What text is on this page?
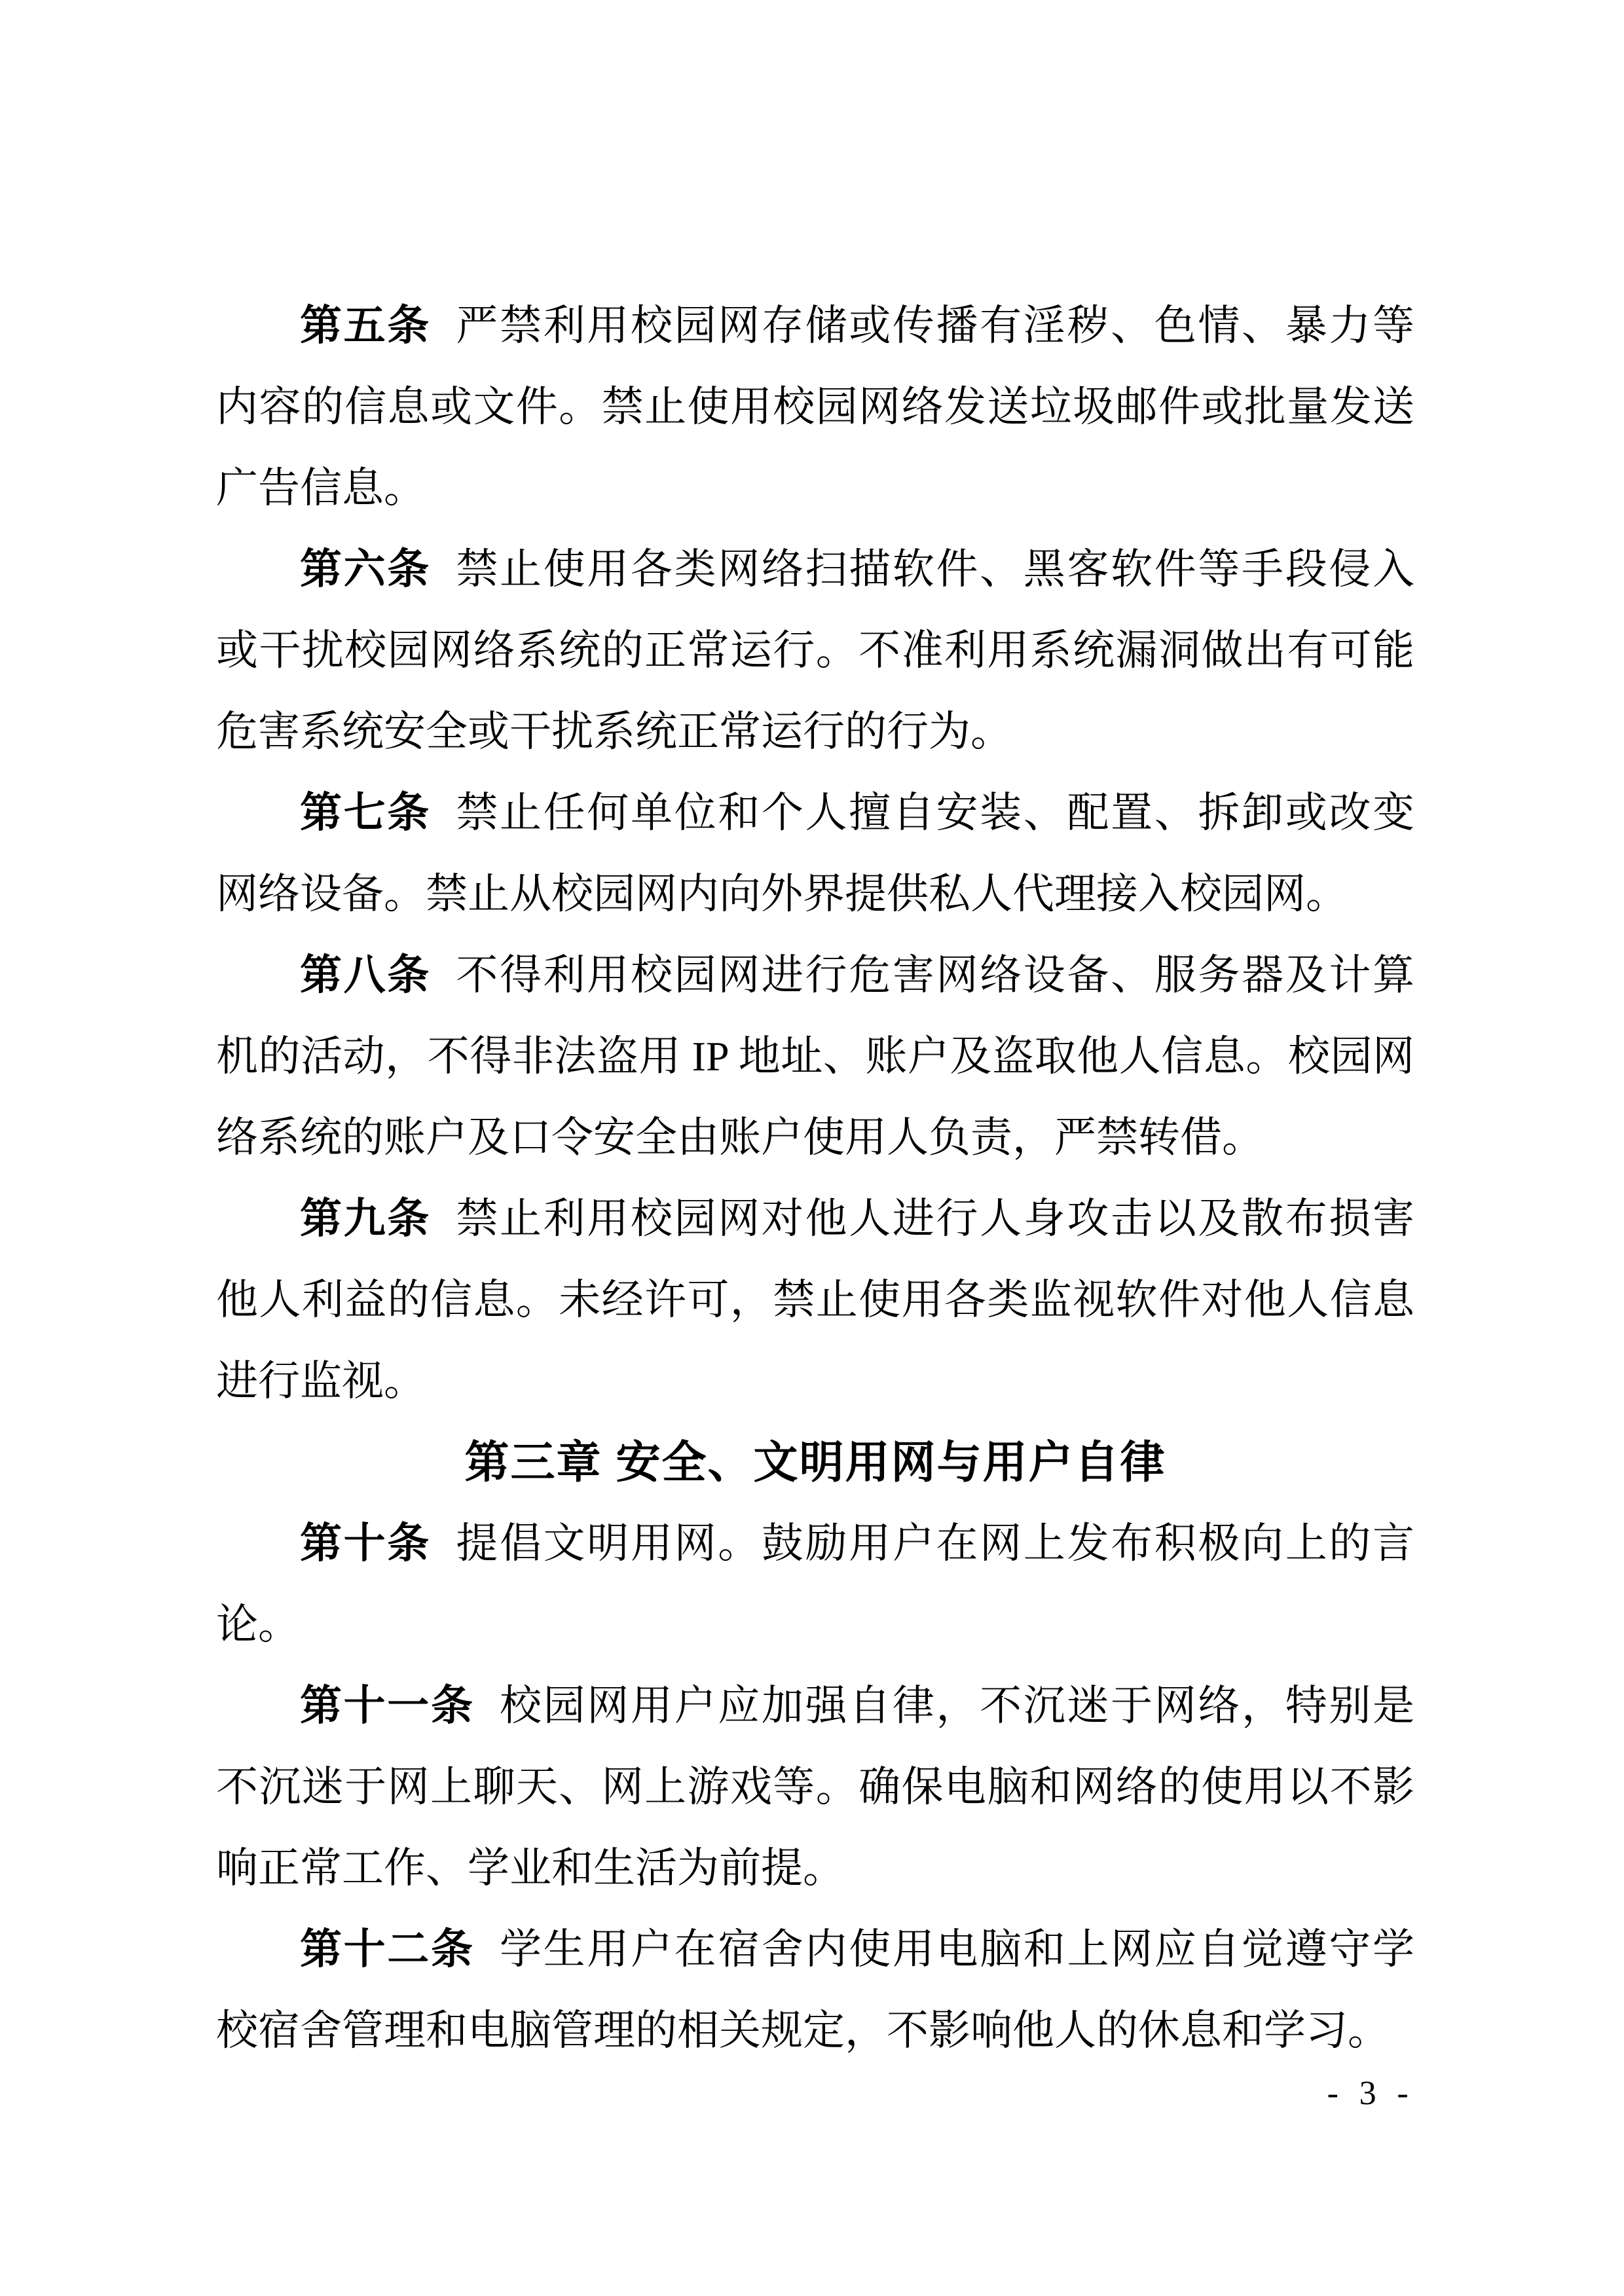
第五条 严禁利用校园网存储或传播有淫秽、色情、暴力等内容的信息或文件。禁止使用校园网络发送垃圾邮件或批量发送广告信息。

第六条 禁止使用各类网络扫描软件、黑客软件等手段侵入或干扰校园网络系统的正常运行。不准利用系统漏洞做出有可能危害系统安全或干扰系统正常运行的行为。

第七条 禁止任何单位和个人擅自安装、配置、拆卸或改变网络设备。禁止从校园网内向外界提供私人代理接入校园网。

第八条 不得利用校园网进行危害网络设备、服务器及计算机的活动，不得非法盗用 IP 地址、账户及盗取他人信息。校园网络系统的账户及口令安全由账户使用人负责，严禁转借。

第九条 禁止利用校园网对他人进行人身攻击以及散布损害他人利益的信息。未经许可，禁止使用各类监视软件对他人信息进行监视。

第三章 安全、文明用网与用户自律

第十条 提倡文明用网。鼓励用户在网上发布积极向上的言论。

第十一条 校园网用户应加强自律，不沉迷于网络，特别是不沉迷于网上聊天、网上游戏等。确保电脑和网络的使用以不影响正常工作、学业和生活为前提。

第十二条 学生用户在宿舍内使用电脑和上网应自觉遵守学校宿舍管理和电脑管理的相关规定，不影响他人的休息和学习。

- 3 -
